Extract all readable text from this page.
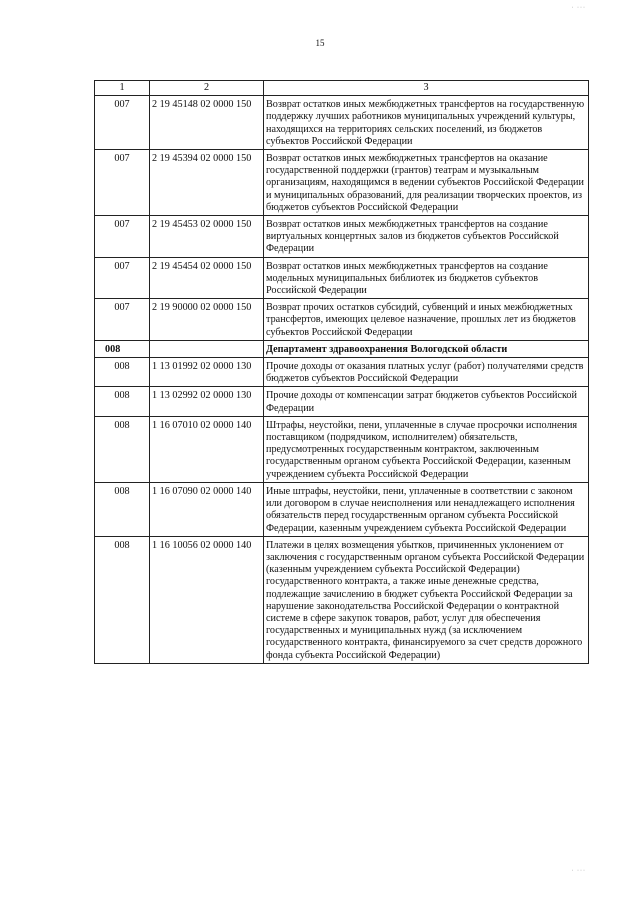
15
1	2	3
007	2 19 45148 02 0000 150	Возврат остатков иных межбюджетных трансфертов на государственную поддержку лучших работников муниципальных учреждений культуры, находящихся на территориях сельских поселений, из бюджетов субъектов Российской Федерации
007	2 19 45394 02 0000 150	Возврат остатков иных межбюджетных трансфертов на оказание государственной поддержки (грантов) театрам и музыкальным организациям, находящимся в ведении субъектов Российской Федерации и муниципальных образований, для реализации творческих проектов, из бюджетов субъектов Российской Федерации
007	2 19 45453 02 0000 150	Возврат остатков иных межбюджетных трансфертов на создание виртуальных концертных залов из бюджетов субъектов Российской Федерации
007	2 19 45454 02 0000 150	Возврат остатков иных межбюджетных трансфертов на создание модельных муниципальных библиотек из бюджетов субъектов Российской Федерации
007	2 19 90000 02 0000 150	Возврат прочих остатков субсидий, субвенций и иных межбюджетных трансфертов, имеющих целевое назначение, прошлых лет из бюджетов субъектов Российской Федерации
008		Департамент здравоохранения Вологодской области
008	1 13 01992 02 0000 130	Прочие доходы от оказания платных услуг (работ) получателями средств бюджетов субъектов Российской Федерации
008	1 13 02992 02 0000 130	Прочие доходы от компенсации затрат бюджетов субъектов Российской Федерации
008	1 16 07010 02 0000 140	Штрафы, неустойки, пени, уплаченные в случае просрочки исполнения поставщиком (подрядчиком, исполнителем) обязательств, предусмотренных государственным контрактом, заключенным государственным органом субъекта Российской Федерации, казенным учреждением субъекта Российской Федерации
008	1 16 07090 02 0000 140	Иные штрафы, неустойки, пени, уплаченные в соответствии с законом или договором в случае неисполнения или ненадлежащего исполнения обязательств перед государственным органом субъекта Российской Федерации, казенным учреждением субъекта Российской Федерации
008	1 16 10056 02 0000 140	Платежи в целях возмещения убытков, причиненных уклонением от заключения с государственным органом субъекта Российской Федерации (казенным учреждением субъекта Российской Федерации) государственного контракта, а также иные денежные средства, подлежащие зачислению в бюджет субъекта Российской Федерации за нарушение законодательства Российской Федерации о контрактной системе в сфере закупок товаров, работ, услуг для обеспечения государственных и муниципальных нужд (за исключением государственного контракта, финансируемого за счет средств дорожного фонда субъекта Российской Федерации)
· ···
· ···
